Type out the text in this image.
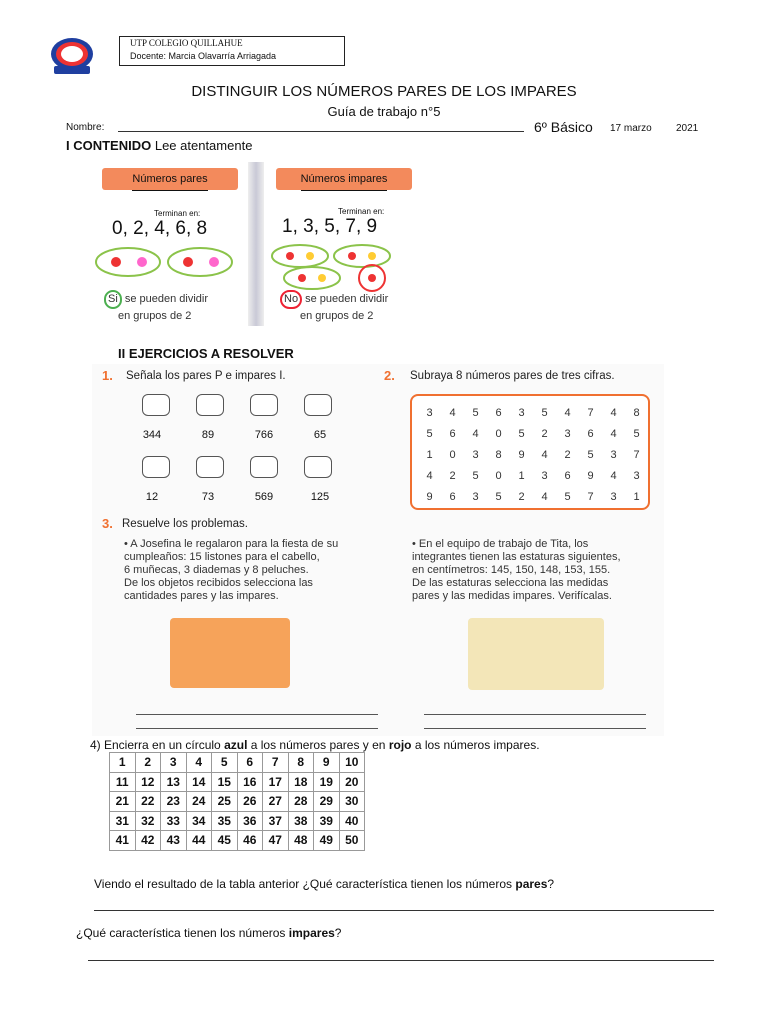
UTP COLEGIO QUILLAHUE
Docente: Marcia Olavarría Arriagada
DISTINGUIR LOS NÚMEROS PARES DE LOS IMPARES
Guía de trabajo n°5
Nombre:	6º Básico 17 marzo 2021
I CONTENIDO Lee atentamente
Números pares	Números impares
Terminan en:	Terminan en:
0, 2, 4, 6, 8	1, 3, 5, 7, 9
Si se pueden dividir
en grupos de 2
No se pueden dividir
en grupos de 2
II EJERCICIOS A RESOLVER
1. Señala los pares P e impares I.
344	89	766	65
12	73	569	125
2. Subraya 8 números pares de tres cifras.
3	4	5	6	3	5	4	7	4	8
5	6	4	0	5	2	3	6	4	5
1	0	3	8	9	4	2	5	3	7
4	2	5	0	1	3	6	9	4	3
9	6	3	5	2	4	5	7	3	1
3. Resuelve los problemas.
• A Josefina le regalaron para la fiesta de su
cumpleaños: 15 listones para el cabello,
6 muñecas, 3 diademas y 8 peluches.
De los objetos recibidos selecciona las
cantidades pares y las impares.
• En el equipo de trabajo de Tita, los
integrantes tienen las estaturas siguientes,
en centímetros: 145, 150, 148, 153, 155.
De las estaturas selecciona las medidas
pares y las medidas impares. Verifícalas.
4) Encierra en un círculo azul a los números pares y en rojo a los números impares.
1	2	3	4	5	6	7	8	9	10
11	12	13	14	15	16	17	18	19	20
21	22	23	24	25	26	27	28	29	30
31	32	33	34	35	36	37	38	39	40
41	42	43	44	45	46	47	48	49	50
Viendo el resultado de la tabla anterior ¿Qué característica tienen los números pares?
¿Qué característica tienen los números impares?
